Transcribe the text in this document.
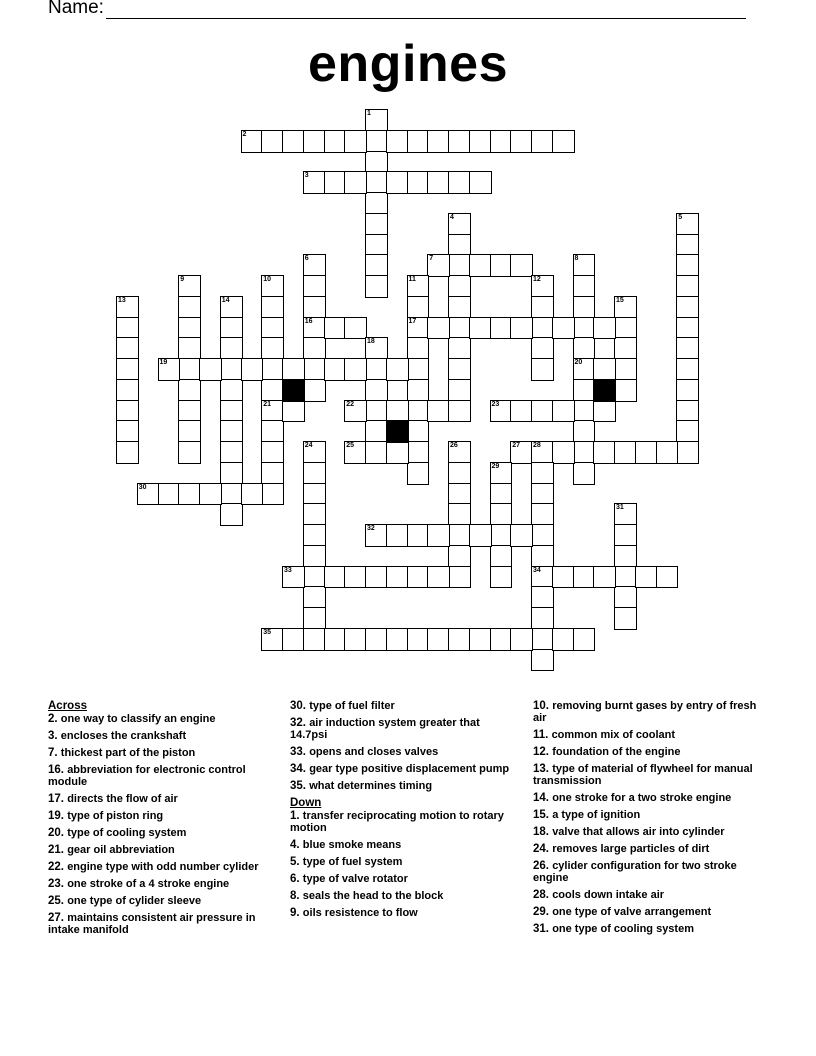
Name:
engines
1
2
3
4	5
6
16
7	8
20
9	10
21
11
17
12
13	14	15
18
19
22	23
24	25	26	27 28
34
29
30
31
32
33
35
Across
2. one way to classify an engine
3. encloses the crankshaft
7. thickest part of the piston
16. abbreviation for electronic control module
17. directs the flow of air
19. type of piston ring
20. type of cooling system
21. gear oil abbreviation
22. engine type with odd number cylider
23. one stroke of a 4 stroke engine
25. one type of cylider sleeve
27. maintains consistent air pressure in intake manifold
30. type of fuel filter
32. air induction system greater that 14.7psi
33. opens and closes valves
34. gear type positive displacement pump
35. what determines timing
Down
1. transfer reciprocating motion to rotary motion
4. blue smoke means
5. type of fuel system
6. type of valve rotator
8. seals the head to the block
9. oils resistence to flow
10. removing burnt gases by entry of fresh air
11. common mix of coolant
12. foundation of the engine
13. type of material of flywheel for manual transmission
14. one stroke for a two stroke engine
15. a type of ignition
18. valve that allows air into cylinder
24. removes large particles of dirt
26. cylider configuration for two stroke engine
28. cools down intake air
29. one type of valve arrangement
31. one type of cooling system
